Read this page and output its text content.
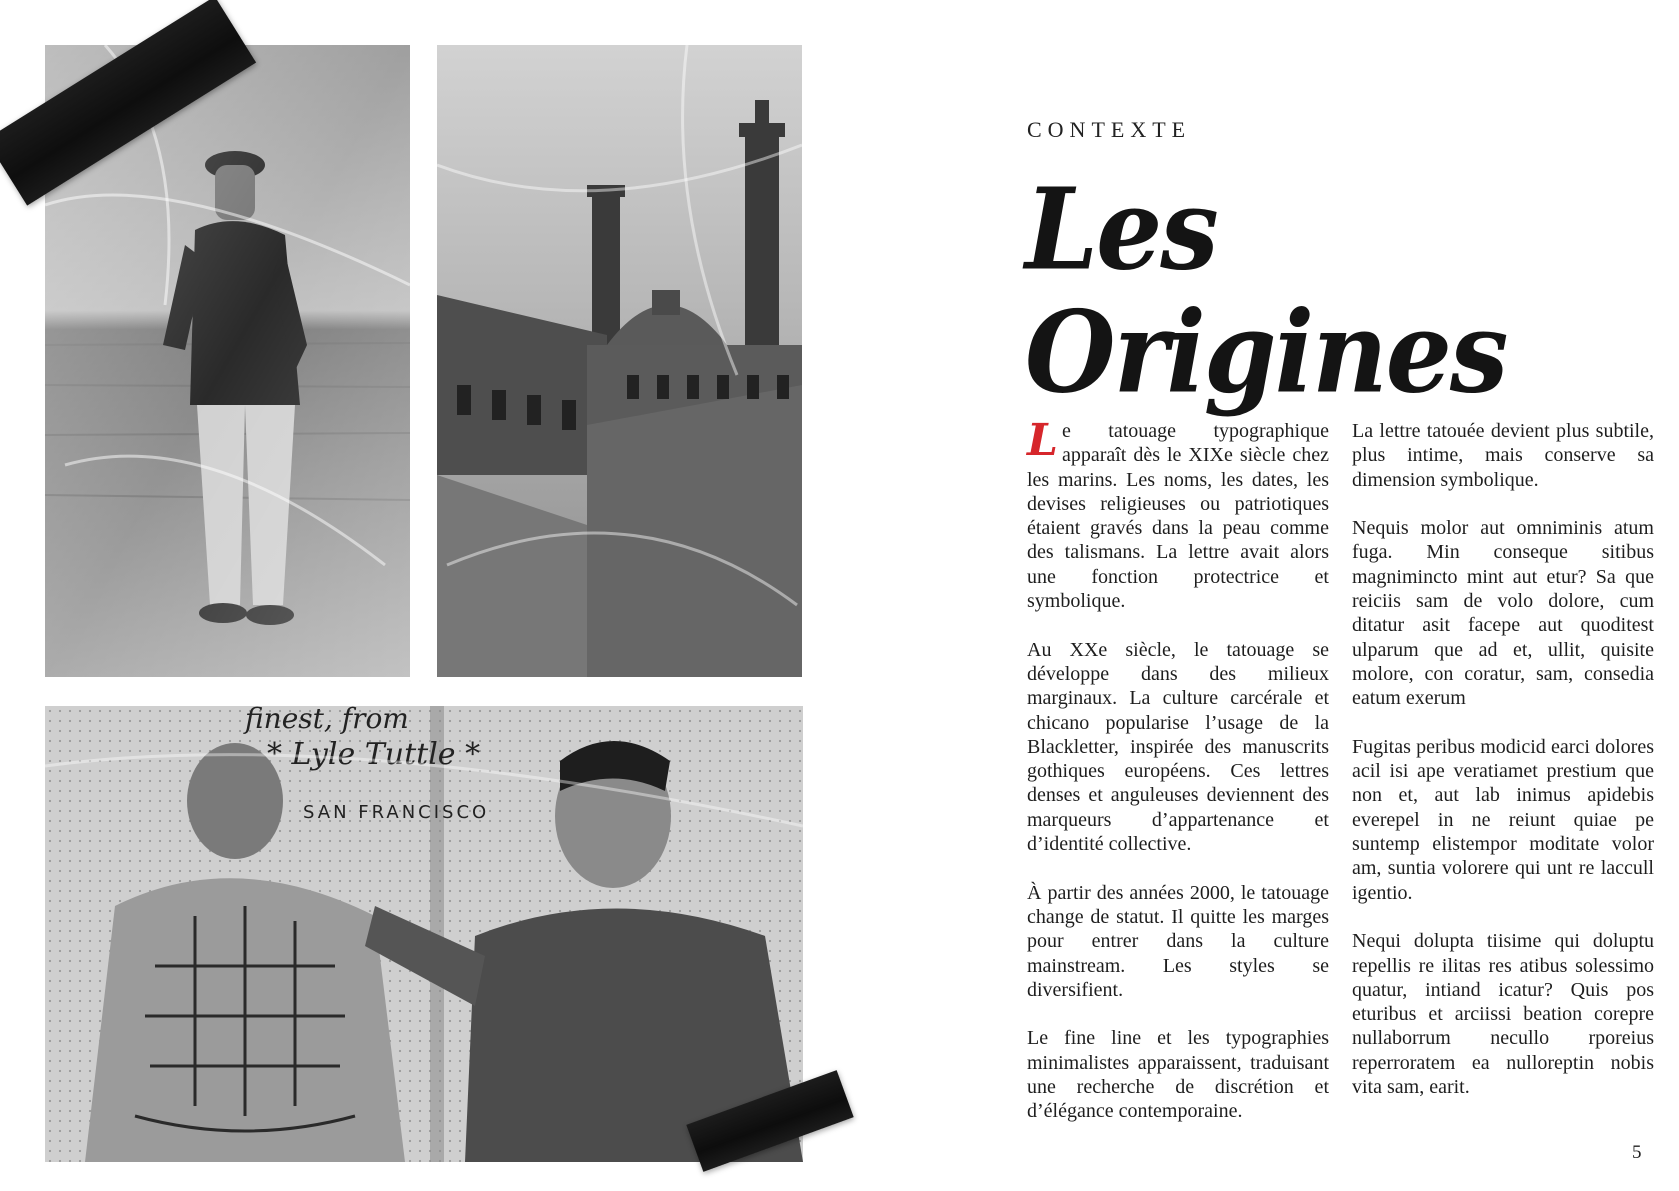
finest, from
* Lyle Tuttle *
SAN FRANCISCO
CONTEXTE
Les Origines

Le tatouage typographique apparaît dès le XIXe siècle chez les marins. Les noms, les dates, les devises religieuses ou patriotiques étaient gravés dans la peau comme des talismans. La lettre avait alors une fonction protectrice et symbolique.

Au XXe siècle, le tatouage se développe dans des milieux marginaux. La culture carcérale et chicano popularise l’usage de la Blackletter, inspirée des manuscrits gothiques européens. Ces lettres denses et anguleuses deviennent des marqueurs d’appartenance et d’identité collective.

À partir des années 2000, le tatouage change de statut. Il quitte les marges pour entrer dans la culture mainstream. Les styles se diversifient.

Le fine line et les typographies minimalistes apparaissent, traduisant une recherche de discrétion et d’élégance contemporaine.

La lettre tatouée devient plus subtile, plus intime, mais conserve sa dimension symbolique.

Nequis molor aut omniminis atum fuga. Min conseque sitibus magnimincto mint aut etur? Sa que reiciis sam de volo dolore, cum ditatur asit facepe aut quoditest ulparum que ad et, ullit, quisite molore, con coratur, sam, consedia eatum exerum

Fugitas peribus modicid earci dolores acil isi ape veratiamet prestium que non et, aut lab inimus apidebis everepel in ne reiunt quiae pe suntemp elistempor moditate volor am, suntia volorere qui unt re laccull igentio.

Nequi dolupta tiisime qui doluptu repellis re ilitas res atibus solessimo quatur, intiand icatur? Quis pos eturibus et arciissi beation corepre nullaborrum necullo rporeius reperroratem ea nulloreptin nobis vita sam, earit.

5
